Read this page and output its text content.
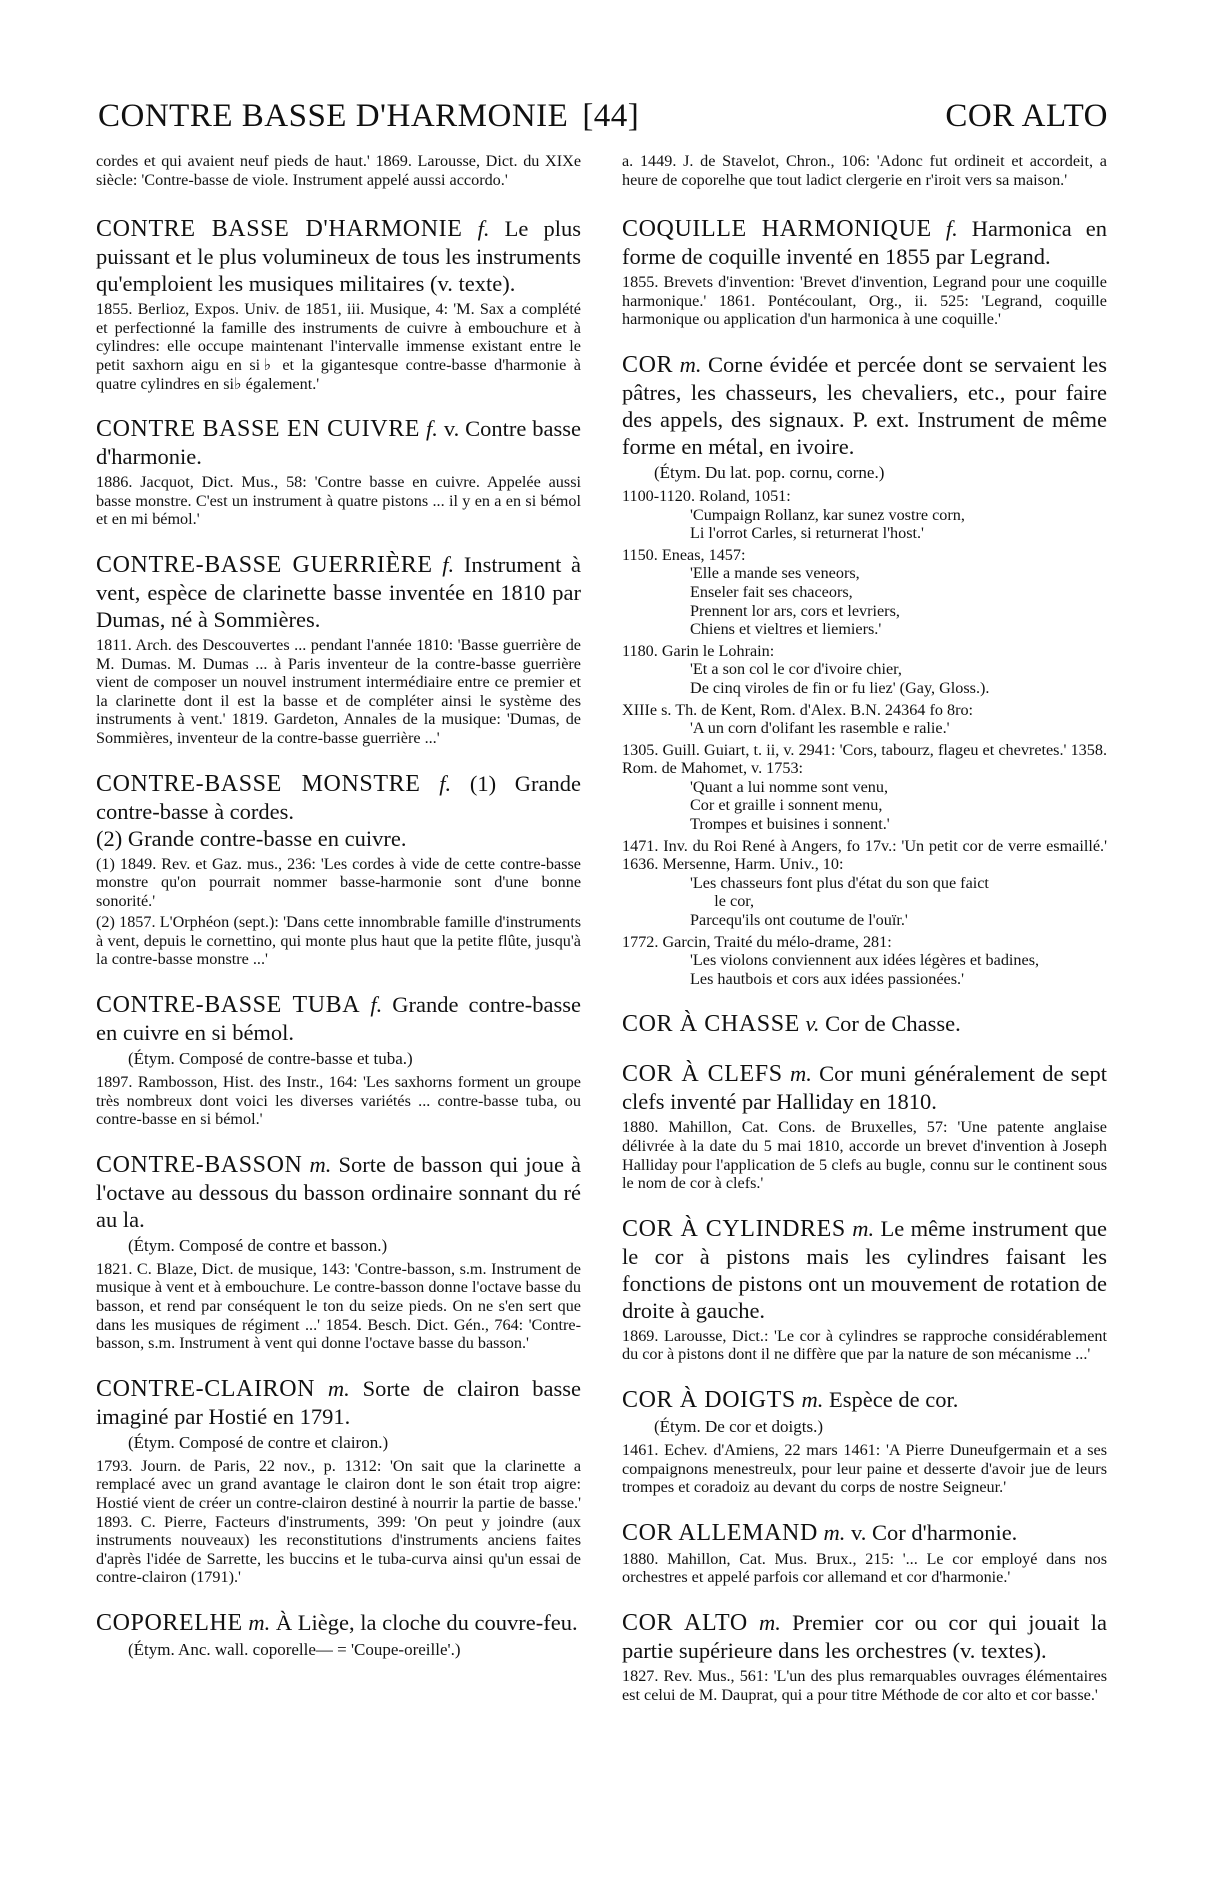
CONTRE BASSE D'HARMONIE [44]	COR ALTO

cordes et qui avaient neuf pieds de haut.' 1869. Larousse, Dict. du XIXe siècle: 'Contre-basse de viole. Instrument appelé aussi accordo.'

CONTRE BASSE D'HARMONIE f. Le plus puissant et le plus volumineux de tous les instruments qu'emploient les musiques militaires (v. texte).

1855. Berlioz, Expos. Univ. de 1851, iii. Musique, 4: 'M. Sax a complété et perfectionné la famille des instruments de cuivre à embouchure et à cylindres: elle occupe maintenant l'intervalle immense existant entre le petit saxhorn aigu en si♭ et la gigantesque contre-basse d'harmonie à quatre cylindres en si♭ également.'

CONTRE BASSE EN CUIVRE f. v. Contre basse d'harmonie.

1886. Jacquot, Dict. Mus., 58: 'Contre basse en cuivre. Appelée aussi basse monstre. C'est un instrument à quatre pistons ... il y en a en si bémol et en mi bémol.'

CONTRE-BASSE GUERRIÈRE f. Instrument à vent, espèce de clarinette basse inventée en 1810 par Dumas, né à Sommières.

1811. Arch. des Descouvertes ... pendant l'année 1810: 'Basse guerrière de M. Dumas. M. Dumas ... à Paris inventeur de la contre-basse guerrière vient de composer un nouvel instrument intermédiaire entre ce premier et la clarinette dont il est la basse et de compléter ainsi le système des instruments à vent.' 1819. Gardeton, Annales de la musique: 'Dumas, de Sommières, inventeur de la contre-basse guerrière ...'

CONTRE-BASSE MONSTRE f. (1) Grande contre-basse à cordes.

(2) Grande contre-basse en cuivre.

(1) 1849. Rev. et Gaz. mus., 236: 'Les cordes à vide de cette contre-basse monstre qu'on pourrait nommer basse-harmonie sont d'une bonne sonorité.'

(2) 1857. L'Orphéon (sept.): 'Dans cette innombrable famille d'instruments à vent, depuis le cornettino, qui monte plus haut que la petite flûte, jusqu'à la contre-basse monstre ...'

CONTRE-BASSE TUBA f. Grande contre-basse en cuivre en si bémol.

(Étym. Composé de contre-basse et tuba.)

1897. Rambosson, Hist. des Instr., 164: 'Les saxhorns forment un groupe très nombreux dont voici les diverses variétés ... contre-basse tuba, ou contre-basse en si bémol.'

CONTRE-BASSON m. Sorte de basson qui joue à l'octave au dessous du basson ordinaire sonnant du ré au la.

(Étym. Composé de contre et basson.)

1821. C. Blaze, Dict. de musique, 143: 'Contre-basson, s.m. Instrument de musique à vent et à embouchure. Le contre-basson donne l'octave basse du basson, et rend par conséquent le ton du seize pieds. On ne s'en sert que dans les musiques de régiment ...' 1854. Besch. Dict. Gén., 764: 'Contre-basson, s.m. Instrument à vent qui donne l'octave basse du basson.'

CONTRE-CLAIRON m. Sorte de clairon basse imaginé par Hostié en 1791.

(Étym. Composé de contre et clairon.)

1793. Journ. de Paris, 22 nov., p. 1312: 'On sait que la clarinette a remplacé avec un grand avantage le clairon dont le son était trop aigre: Hostié vient de créer un contre-clairon destiné à nourrir la partie de basse.' 1893. C. Pierre, Facteurs d'instruments, 399: 'On peut y joindre (aux instruments nouveaux) les reconstitutions d'instruments anciens faites d'après l'idée de Sarrette, les buccins et le tuba-curva ainsi qu'un essai de contre-clairon (1791).'

COPORELHE m. À Liège, la cloche du couvre-feu.

(Étym. Anc. wall. coporelle— = 'Coupe-oreille'.)

a. 1449. J. de Stavelot, Chron., 106: 'Adonc fut ordineit et accordeit, a heure de coporelhe que tout ladict clergerie en r'iroit vers sa maison.'

COQUILLE HARMONIQUE f. Harmonica en forme de coquille inventé en 1855 par Legrand.

1855. Brevets d'invention: 'Brevet d'invention, Legrand pour une coquille harmonique.' 1861. Pontécoulant, Org., ii. 525: 'Legrand, coquille harmonique ou application d'un harmonica à une coquille.'

COR m. Corne évidée et percée dont se servaient les pâtres, les chasseurs, les chevaliers, etc., pour faire des appels, des signaux. P. ext. Instrument de même forme en métal, en ivoire.

(Étym. Du lat. pop. cornu, corne.)

1100-1120. Roland, 1051:

'Cumpaign Rollanz, kar sunez vostre corn,
Li l'orrot Carles, si returnerat l'host.'

1150. Eneas, 1457:

'Elle a mande ses veneors,
Enseler fait ses chaceors,
Prennent lor ars, cors et levriers,
Chiens et vieltres et liemiers.'

1180. Garin le Lohrain:

'Et a son col le cor d'ivoire chier,
De cinq viroles de fin or fu liez' (Gay, Gloss.).

XIIIe s. Th. de Kent, Rom. d'Alex. B.N. 24364 fo 8ro:

'A un corn d'olifant les rasemble e ralie.'

1305. Guill. Guiart, t. ii, v. 2941: 'Cors, tabourz, flageu et chevretes.' 1358. Rom. de Mahomet, v. 1753:

'Quant a lui nomme sont venu,
Cor et graille i sonnent menu,
Trompes et buisines i sonnent.'

1471. Inv. du Roi René à Angers, fo 17v.: 'Un petit cor de verre esmaillé.' 1636. Mersenne, Harm. Univ., 10:

'Les chasseurs font plus d'état du son que faict
le cor,
Parcequ'ils ont coutume de l'ouïr.'

1772. Garcin, Traité du mélo-drame, 281:

'Les violons conviennent aux idées légères et badines,
Les hautbois et cors aux idées passionées.'

COR À CHASSE v. Cor de Chasse.

COR À CLEFS m. Cor muni généralement de sept clefs inventé par Halliday en 1810.

1880. Mahillon, Cat. Cons. de Bruxelles, 57: 'Une patente anglaise délivrée à la date du 5 mai 1810, accorde un brevet d'invention à Joseph Halliday pour l'application de 5 clefs au bugle, connu sur le continent sous le nom de cor à clefs.'

COR À CYLINDRES m. Le même instrument que le cor à pistons mais les cylindres faisant les fonctions de pistons ont un mouvement de rotation de droite à gauche.

1869. Larousse, Dict.: 'Le cor à cylindres se rapproche considérablement du cor à pistons dont il ne diffère que par la nature de son mécanisme ...'

COR À DOIGTS m. Espèce de cor.

(Étym. De cor et doigts.)

1461. Echev. d'Amiens, 22 mars 1461: 'A Pierre Duneufgermain et a ses compaignons menestreulx, pour leur paine et desserte d'avoir jue de leurs trompes et coradoiz au devant du corps de nostre Seigneur.'

COR ALLEMAND m. v. Cor d'harmonie.

1880. Mahillon, Cat. Mus. Brux., 215: '... Le cor employé dans nos orchestres et appelé parfois cor allemand et cor d'harmonie.'

COR ALTO m. Premier cor ou cor qui jouait la partie supérieure dans les orchestres (v. textes).

1827. Rev. Mus., 561: 'L'un des plus remarquables ouvrages élémentaires est celui de M. Dauprat, qui a pour titre Méthode de cor alto et cor basse.'
